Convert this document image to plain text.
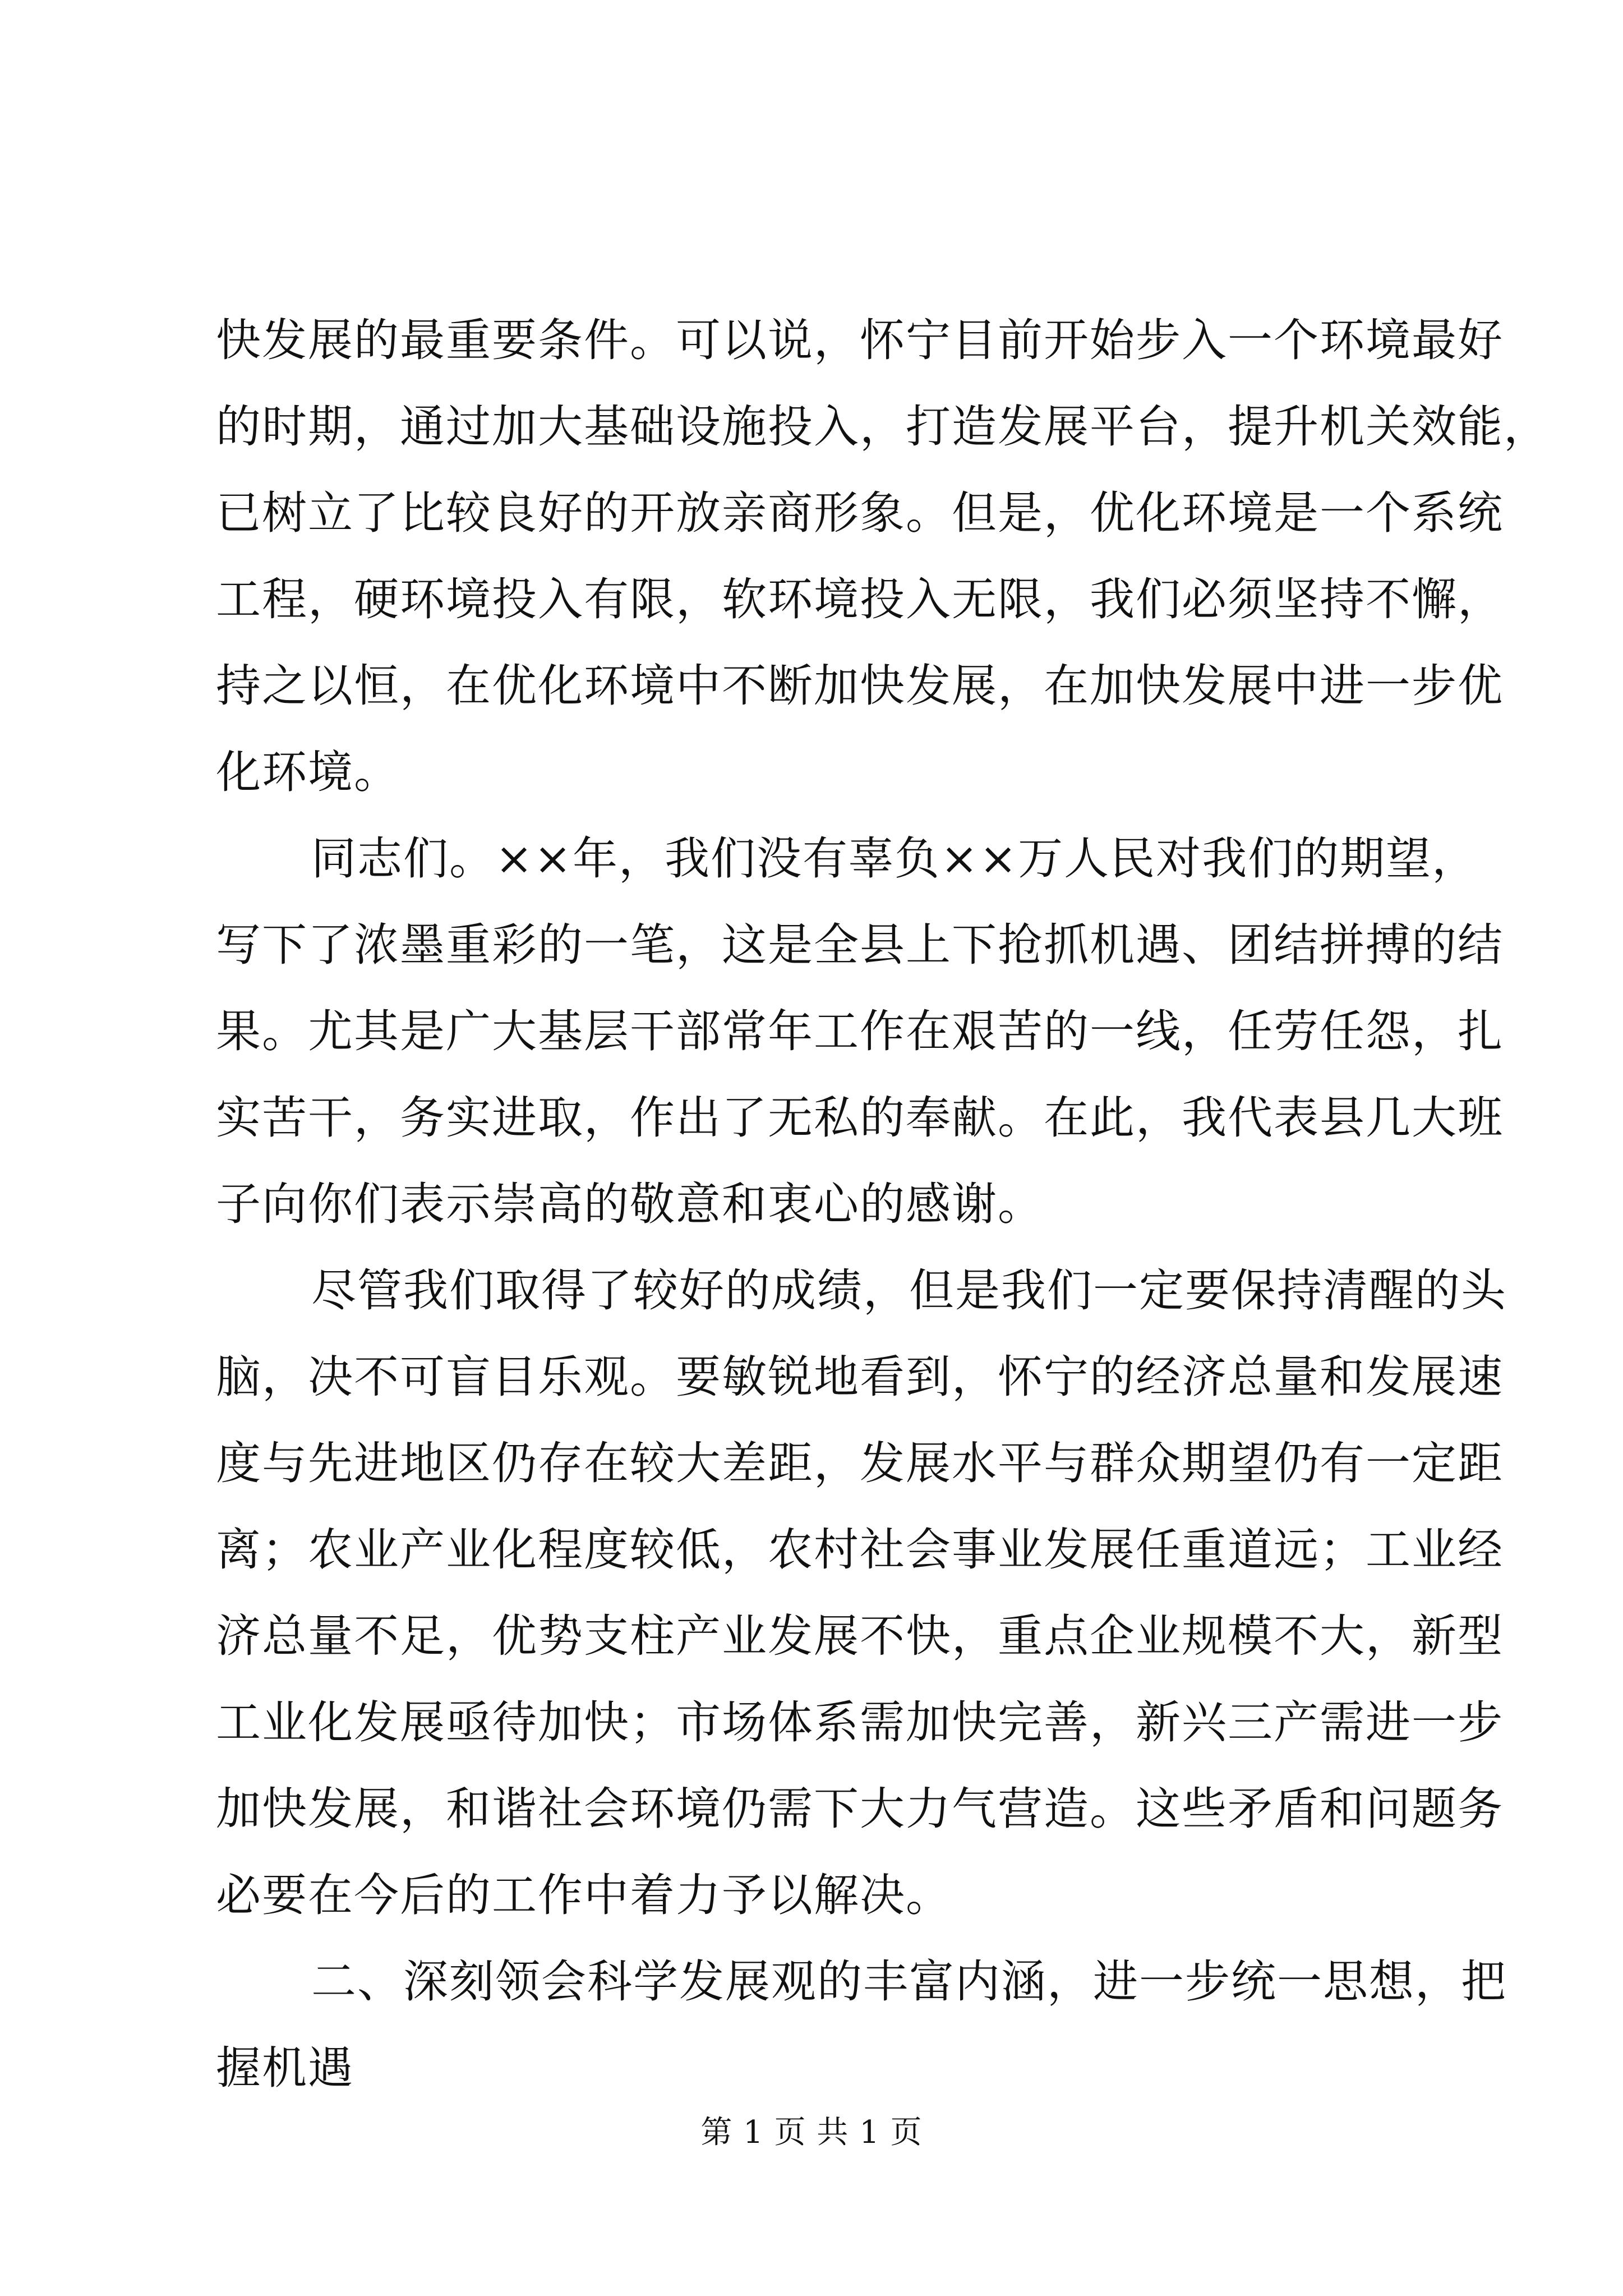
快发展的最重要条件。可以说，怀宁目前开始步入一个环境最好
的时期，通过加大基础设施投入，打造发展平台，提升机关效能，
已树立了比较良好的开放亲商形象。但是，优化环境是一个系统
工程，硬环境投入有限，软环境投入无限，我们必须坚持不懈，
持之以恒，在优化环境中不断加快发展，在加快发展中进一步优
化环境。
同志们。××年，我们没有辜负××万人民对我们的期望，
写下了浓墨重彩的一笔，这是全县上下抢抓机遇、团结拼搏的结
果。尤其是广大基层干部常年工作在艰苦的一线，任劳任怨，扎
实苦干，务实进取，作出了无私的奉献。在此，我代表县几大班
子向你们表示崇高的敬意和衷心的感谢。
尽管我们取得了较好的成绩，但是我们一定要保持清醒的头
脑，决不可盲目乐观。要敏锐地看到，怀宁的经济总量和发展速
度与先进地区仍存在较大差距，发展水平与群众期望仍有一定距
离；农业产业化程度较低，农村社会事业发展任重道远；工业经
济总量不足，优势支柱产业发展不快，重点企业规模不大，新型
工业化发展亟待加快；市场体系需加快完善，新兴三产需进一步
加快发展，和谐社会环境仍需下大力气营造。这些矛盾和问题务
必要在今后的工作中着力予以解决。
二、深刻领会科学发展观的丰富内涵，进一步统一思想，把
握机遇
第 1 页 共 1 页
